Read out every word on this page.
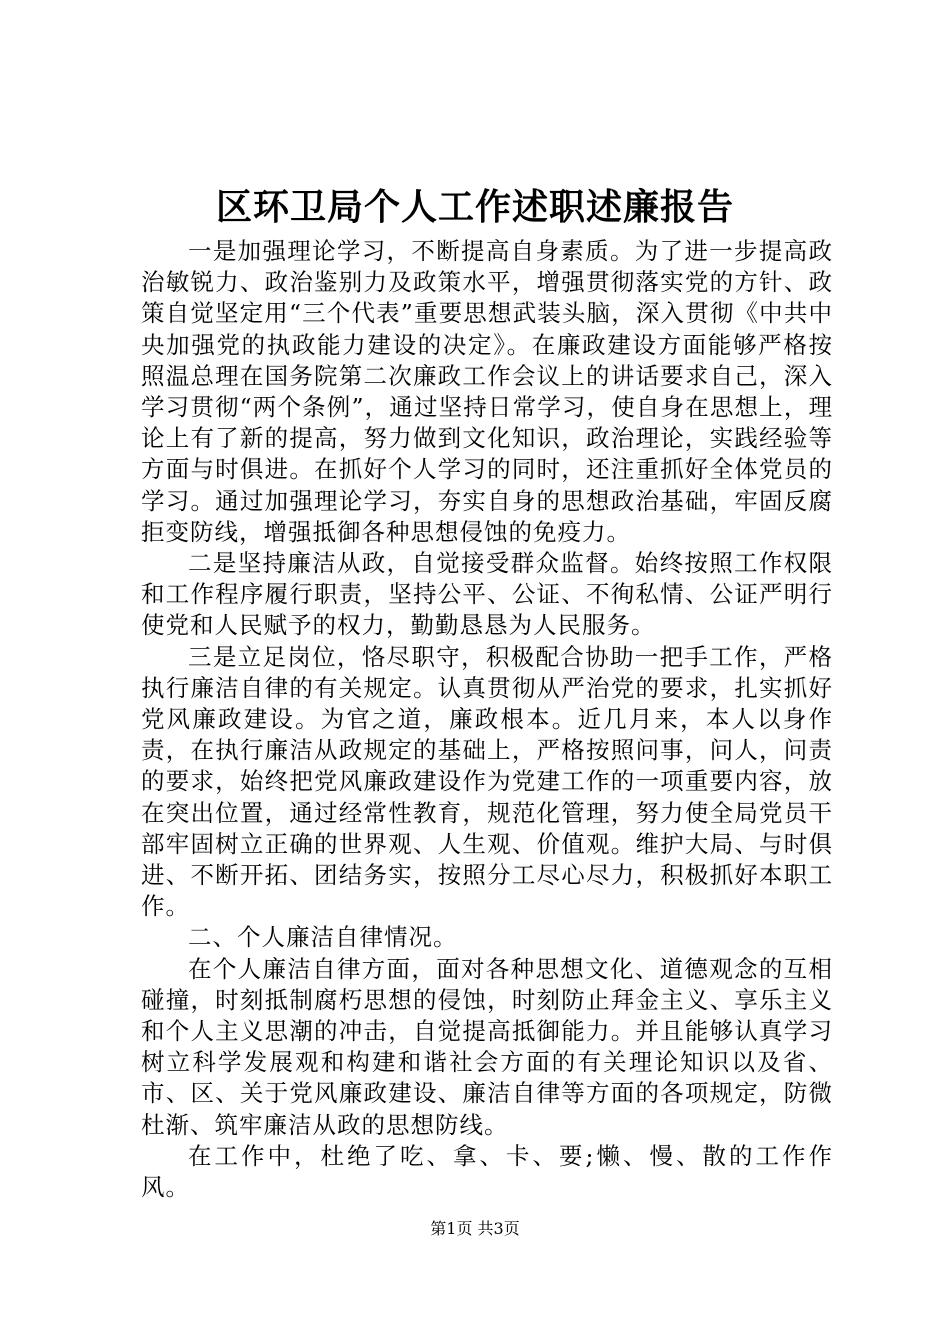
区环卫局个人工作述职述廉报告

一是加强理论学习，不断提高自身素质。为了进一步提高政治敏锐力、政治鉴别力及政策水平，增强贯彻落实党的方针、政策自觉坚定用“三个代表”重要思想武装头脑，深入贯彻《中共中央加强党的执政能力建设的决定》。在廉政建设方面能够严格按照温总理在国务院第二次廉政工作会议上的讲话要求自己，深入学习贯彻“两个条例”，通过坚持日常学习，使自身在思想上，理论上有了新的提高，努力做到文化知识，政治理论，实践经验等方面与时俱进。在抓好个人学习的同时，还注重抓好全体党员的学习。通过加强理论学习，夯实自身的思想政治基础，牢固反腐拒变防线，增强抵御各种思想侵蚀的免疫力。

二是坚持廉洁从政，自觉接受群众监督。始终按照工作权限和工作程序履行职责，坚持公平、公证、不徇私情、公证严明行使党和人民赋予的权力，勤勤恳恳为人民服务。

三是立足岗位，恪尽职守，积极配合协助一把手工作，严格执行廉洁自律的有关规定。认真贯彻从严治党的要求，扎实抓好党风廉政建设。为官之道，廉政根本。近几月来，本人以身作责，在执行廉洁从政规定的基础上，严格按照问事，问人，问责的要求，始终把党风廉政建设作为党建工作的一项重要内容，放在突出位置，通过经常性教育，规范化管理，努力使全局党员干部牢固树立正确的世界观、人生观、价值观。维护大局、与时俱进、不断开拓、团结务实，按照分工尽心尽力，积极抓好本职工作。

二、个人廉洁自律情况。

在个人廉洁自律方面，面对各种思想文化、道德观念的互相碰撞，时刻抵制腐朽思想的侵蚀，时刻防止拜金主义、享乐主义和个人主义思潮的冲击，自觉提高抵御能力。并且能够认真学习树立科学发展观和构建和谐社会方面的有关理论知识以及省、市、区、关于党风廉政建设、廉洁自律等方面的各项规定，防微杜渐、筑牢廉洁从政的思想防线。

在工作中，杜绝了吃、拿、卡、要;懒、慢、散的工作作风。

第1页 共3页
